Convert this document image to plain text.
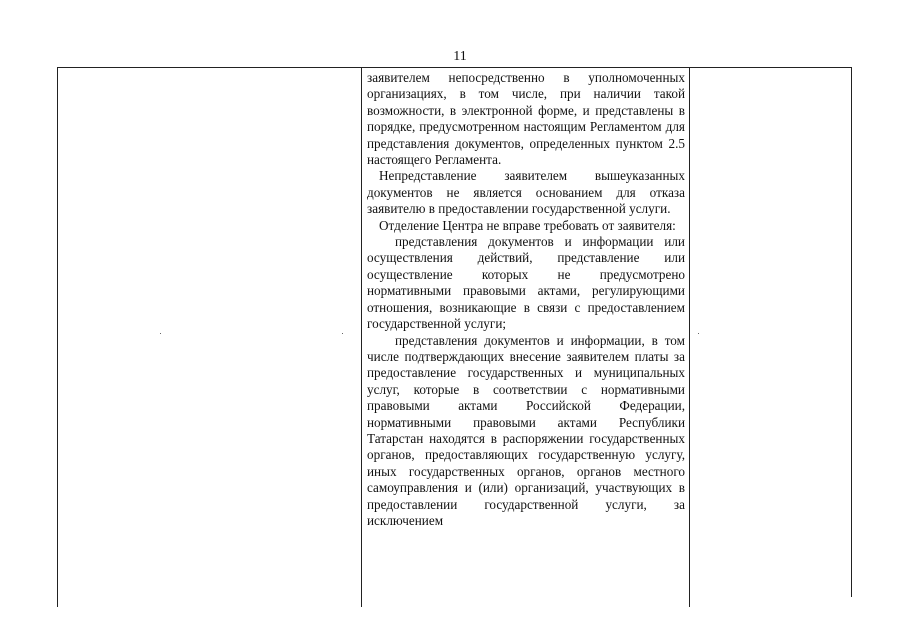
11

заявителем непосредственно в уполномоченных организациях, в том числе, при наличии такой возможности, в электронной форме, и представлены в порядке, предусмотренном настоящим Регламентом для представления документов, определенных пунктом 2.5 настоящего Регламента.

Непредставление заявителем вышеуказанных документов не является основанием для отказа заявителю в предоставлении государственной услуги.

Отделение Центра не вправе требовать от заявителя:

представления документов и информации или осуществления действий, представление или осуществление которых не предусмотрено нормативными правовыми актами, регулирующими отношения, возникающие в связи с предоставлением государственной услуги;

представления документов и информации, в том числе подтверждающих внесение заявителем платы за предоставление государственных и муниципальных услуг, которые в соответствии с нормативными правовыми актами Российской Федерации, нормативными правовыми актами Республики Татарстан находятся в распоряжении государственных органов, предоставляющих государственную услугу, иных государственных органов, органов местного самоуправления и (или) организаций, участвующих в предоставлении государственной услуги, за исключением
